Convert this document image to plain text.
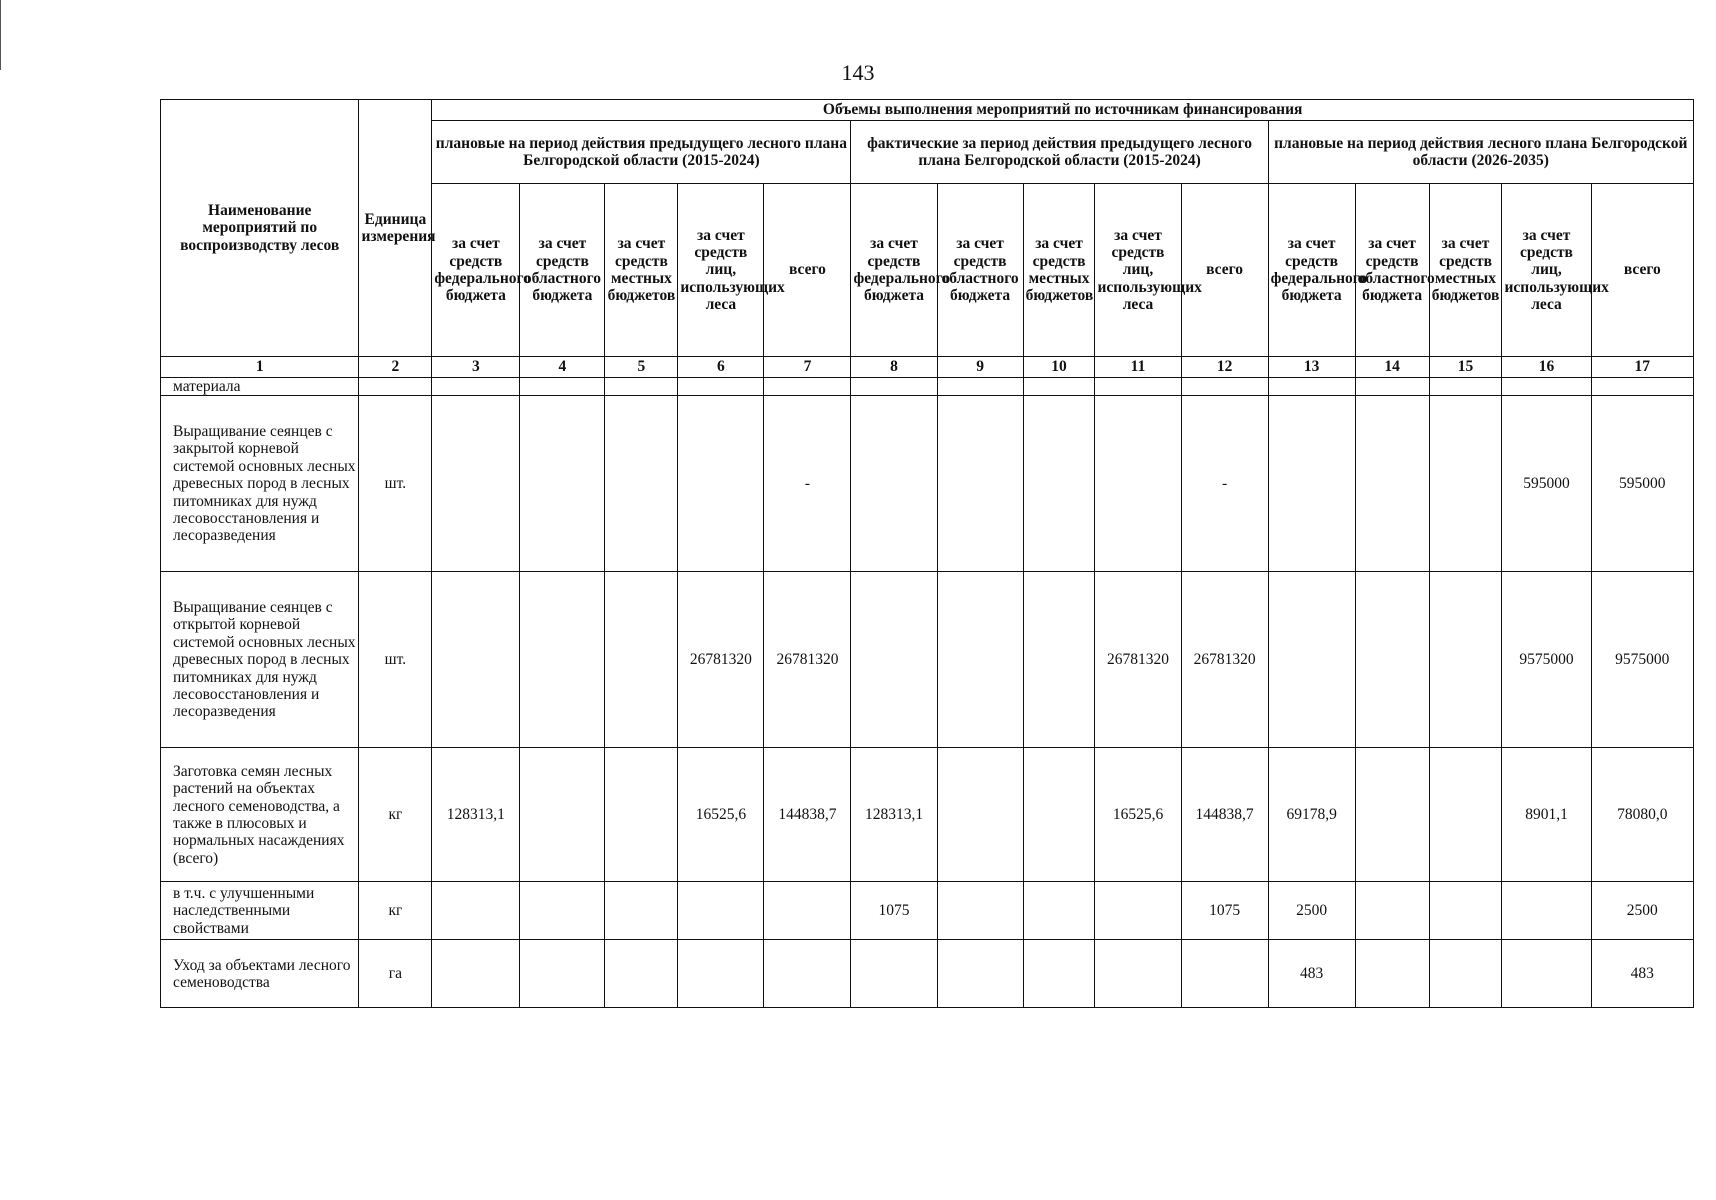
143
Наименование мероприятий по воспроизводству лесов	Единица измерения	Объемы выполнения мероприятий по источникам финансирования														
		плановые на период действия предыдущего лесного плана Белгородской области (2015-2024)					фактические за период действия предыдущего лесного плана Белгородской области (2015-2024)					плановые на период действия лесного плана Белгородской области (2026-2035)				
		за счет средств федерального бюджета	за счет средств областного бюджета	за счет средств местных бюджетов	за счет средств лиц, использующих леса	всего	за счет средств федерального бюджета	за счет средств областного бюджета	за счет средств местных бюджетов	за счет средств лиц, использующих леса	всего	за счет средств федерального бюджета	за счет средств областного бюджета	за счет средств местных бюджетов	за счет средств лиц, использующих леса	всего
1	2	3	4	5	6	7	8	9	10	11	12	13	14	15	16	17
материала																
Выращивание сеянцев с закрытой корневой системой основных лесных древесных пород в лесных питомниках для нужд лесовосстановления и лесоразведения	шт.					-					-				595000	595000
Выращивание сеянцев с открытой корневой системой основных лесных древесных пород в лесных питомниках для нужд лесовосстановления и лесоразведения	шт.				26781320	26781320				26781320	26781320				9575000	9575000
Заготовка семян лесных растений на объектах лесного семеноводства, а также в плюсовых и нормальных насаждениях (всего)	кг	128313,1			16525,6	144838,7	128313,1			16525,6	144838,7	69178,9			8901,1	78080,0
в т.ч. с улучшенными наследственными свойствами	кг						1075				1075	2500				2500
Уход за объектами лесного семеноводства	га											483				483
